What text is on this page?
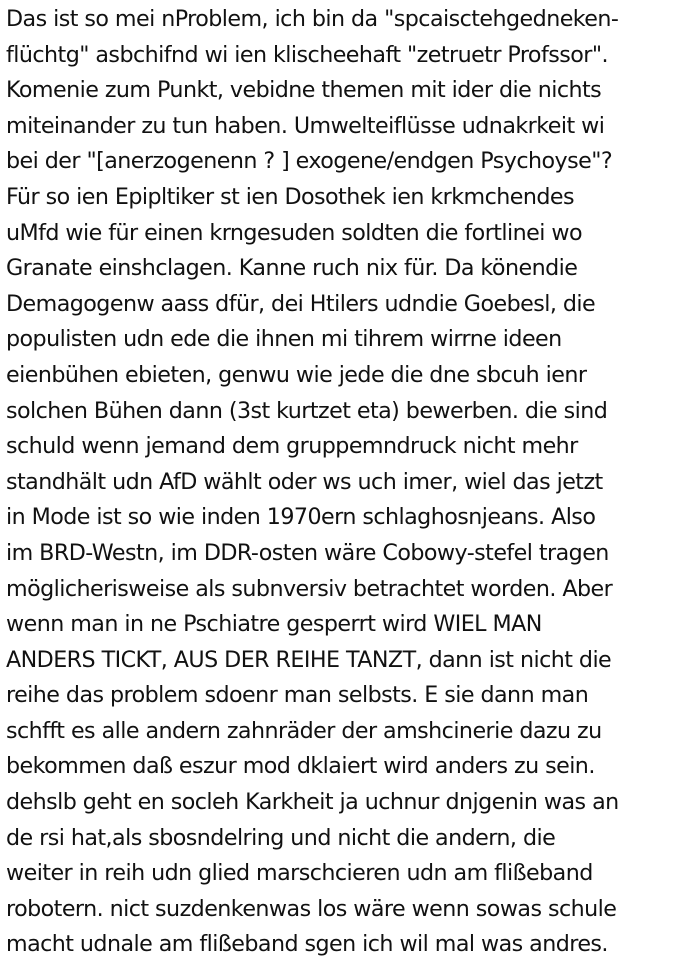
Das ist so mei nProblem, ich bin da "spcaisctehgedneken-
flüchtg" asbchifnd wi ien klischeehaft "zetruetr Profssor".
Komenie zum Punkt, vebidne themen mit ider die nichts
miteinander zu tun haben. Umwelteiflüsse udnakrkeit wi
bei der "[anerzogenenn ? ] exogene/endgen Psychoyse"?
Für so ien Epipltiker st ien Dosothek ien krkmchendes
uMfd wie für einen krngesuden soldten die fortlinei wo
Granate einshclagen. Kanne ruch nix für. Da könendie
Demagogenw aass dfür, dei Htilers udndie Goebesl, die
populisten udn ede die ihnen mi tihrem wirrne ideen
eienbühen ebieten, genwu wie jede die dne sbcuh ienr
solchen Bühen dann (3st kurtzet eta) bewerben. die sind
schuld wenn jemand dem gruppemndruck nicht mehr
standhält udn AfD wählt oder ws uch imer, wiel das jetzt
in Mode ist so wie inden 1970ern schlaghosnjeans. Also
im BRD-Westn, im DDR-osten wäre Cobowy-stefel tragen
möglicherisweise als subnversiv betrachtet worden. Aber
wenn man in ne Pschiatre gesperrt wird WIEL MAN
ANDERS TICKT, AUS DER REIHE TANZT, dann ist nicht die
reihe das problem sdoenr man selbsts. E sie dann man
schfft es alle andern zahnräder der amshcinerie dazu zu
bekommen daß eszur mod dklaiert wird anders zu sein.
dehslb geht en socleh Karkheit ja uchnur dnjgenin was an
de rsi hat,als sbosndelring und nicht die andern, die
weiter in reih udn glied marschcieren udn am flißeband
robotern. nict suzdenkenwas los wäre wenn sowas schule
macht udnale am flißeband sgen ich wil mal was andres.
